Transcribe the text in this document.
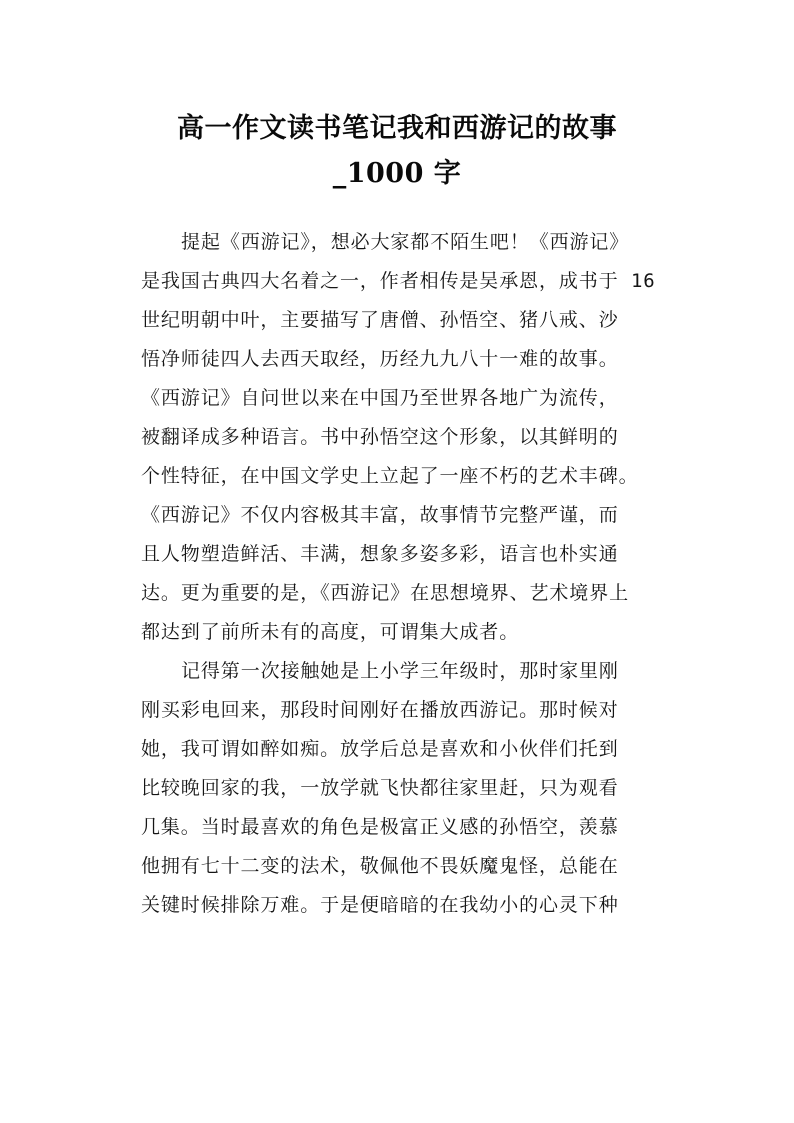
高一作文读书笔记我和西游记的故事
_1000 字
提起《西游记》，想必大家都不陌生吧！《西游记》
是我国古典四大名着之一，作者相传是吴承恩，成书于 16
世纪明朝中叶，主要描写了唐僧、孙悟空、猪八戒、沙
悟净师徒四人去西天取经，历经九九八十一难的故事。
《西游记》自问世以来在中国乃至世界各地广为流传，
被翻译成多种语言。书中孙悟空这个形象，以其鲜明的
个性特征，在中国文学史上立起了一座不朽的艺术丰碑。
《西游记》不仅内容极其丰富，故事情节完整严谨，而
且人物塑造鲜活、丰满，想象多姿多彩，语言也朴实通
达。更为重要的是，《西游记》在思想境界、艺术境界上
都达到了前所未有的高度，可谓集大成者。
记得第一次接触她是上小学三年级时，那时家里刚
刚买彩电回来，那段时间刚好在播放西游记。那时候对
她，我可谓如醉如痴。放学后总是喜欢和小伙伴们托到
比较晚回家的我，一放学就飞快都往家里赶，只为观看
几集。当时最喜欢的角色是极富正义感的孙悟空，羡慕
他拥有七十二变的法术，敬佩他不畏妖魔鬼怪，总能在
关键时候排除万难。于是便暗暗的在我幼小的心灵下种
